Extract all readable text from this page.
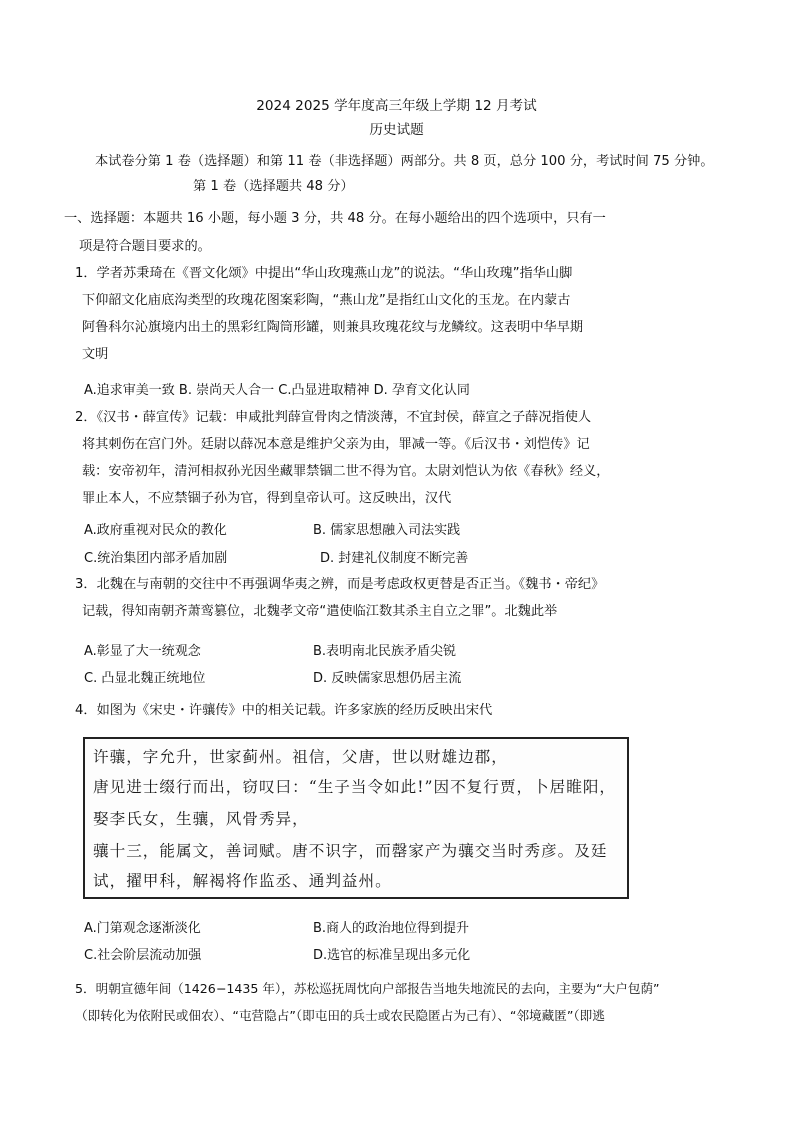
2024 2025 学年度高三年级上学期 12 月考试
历史试题
本试卷分第 1 卷（选择题）和第 11 卷（非选择题）两部分。共 8 页，总分 100 分，考试时间 75 分钟。
第 1 卷（选择题共 48 分）
一、选择题：本题共 16 小题，每小题 3 分，共 48 分。在每小题给出的四个选项中，只有一
项是符合题目要求的。
1．学者苏秉琦在《晋文化颂》中提出“华山玫瑰燕山龙”的说法。“华山玫瑰”指华山脚
下仰韶文化庙底沟类型的玫瑰花图案彩陶，“燕山龙”是指红山文化的玉龙。在内蒙古
阿鲁科尔沁旗境内出土的黑彩红陶筒形罐，则兼具玫瑰花纹与龙鳞纹。这表明中华早期
文明
A.追求审美一致 B. 崇尚天人合一 C.凸显进取精神 D. 孕育文化认同
2．《汉书・薛宣传》记载：申咸批判薛宣骨肉之情淡薄，不宜封侯，薛宣之子薛况指使人
将其刺伤在宫门外。廷尉以薛况本意是维护父亲为由，罪减一等。《后汉书・刘恺传》记
载：安帝初年，清河相叔孙光因坐藏罪禁锢二世不得为官。太尉刘恺认为依《春秋》经义，
罪止本人，不应禁锢子孙为官，得到皇帝认可。这反映出，汉代
A.政府重视对民众的教化	B. 儒家思想融入司法实践
C.统治集团内部矛盾加剧	D. 封建礼仪制度不断完善
3．北魏在与南朝的交往中不再强调华夷之辨，而是考虑政权更替是否正当。《魏书・帝纪》
记载，得知南朝齐萧鸾篡位，北魏孝文帝“遣使临江数其杀主自立之罪”。北魏此举
A.彰显了大一统观念	B.表明南北民族矛盾尖锐
C. 凸显北魏正统地位	D. 反映儒家思想仍居主流
4．如图为《宋史・许骧传》中的相关记载。许多家族的经历反映出宋代
许骧，字允升，世家蓟州。祖信，父唐，世以财雄边郡，
唐见进士缀行而出，窃叹曰：“生子当令如此!”因不复行贾，卜居睢阳，
娶李氏女，生骧，风骨秀异，
骧十三，能属文，善词赋。唐不识字，而罄家产为骧交当时秀彦。及廷
试，擢甲科，解褐将作监丞、通判益州。
A.门第观念逐渐淡化	B.商人的政治地位得到提升
C.社会阶层流动加强	D.选官的标准呈现出多元化
5．明朝宣德年间（1426−1435 年），苏松巡抚周忱向户部报告当地失地流民的去向，主要为“大户包荫”
（即转化为依附民或佃农）、“屯营隐占”（即屯田的兵士或农民隐匿占为己有）、“邻境藏匿”（即逃
